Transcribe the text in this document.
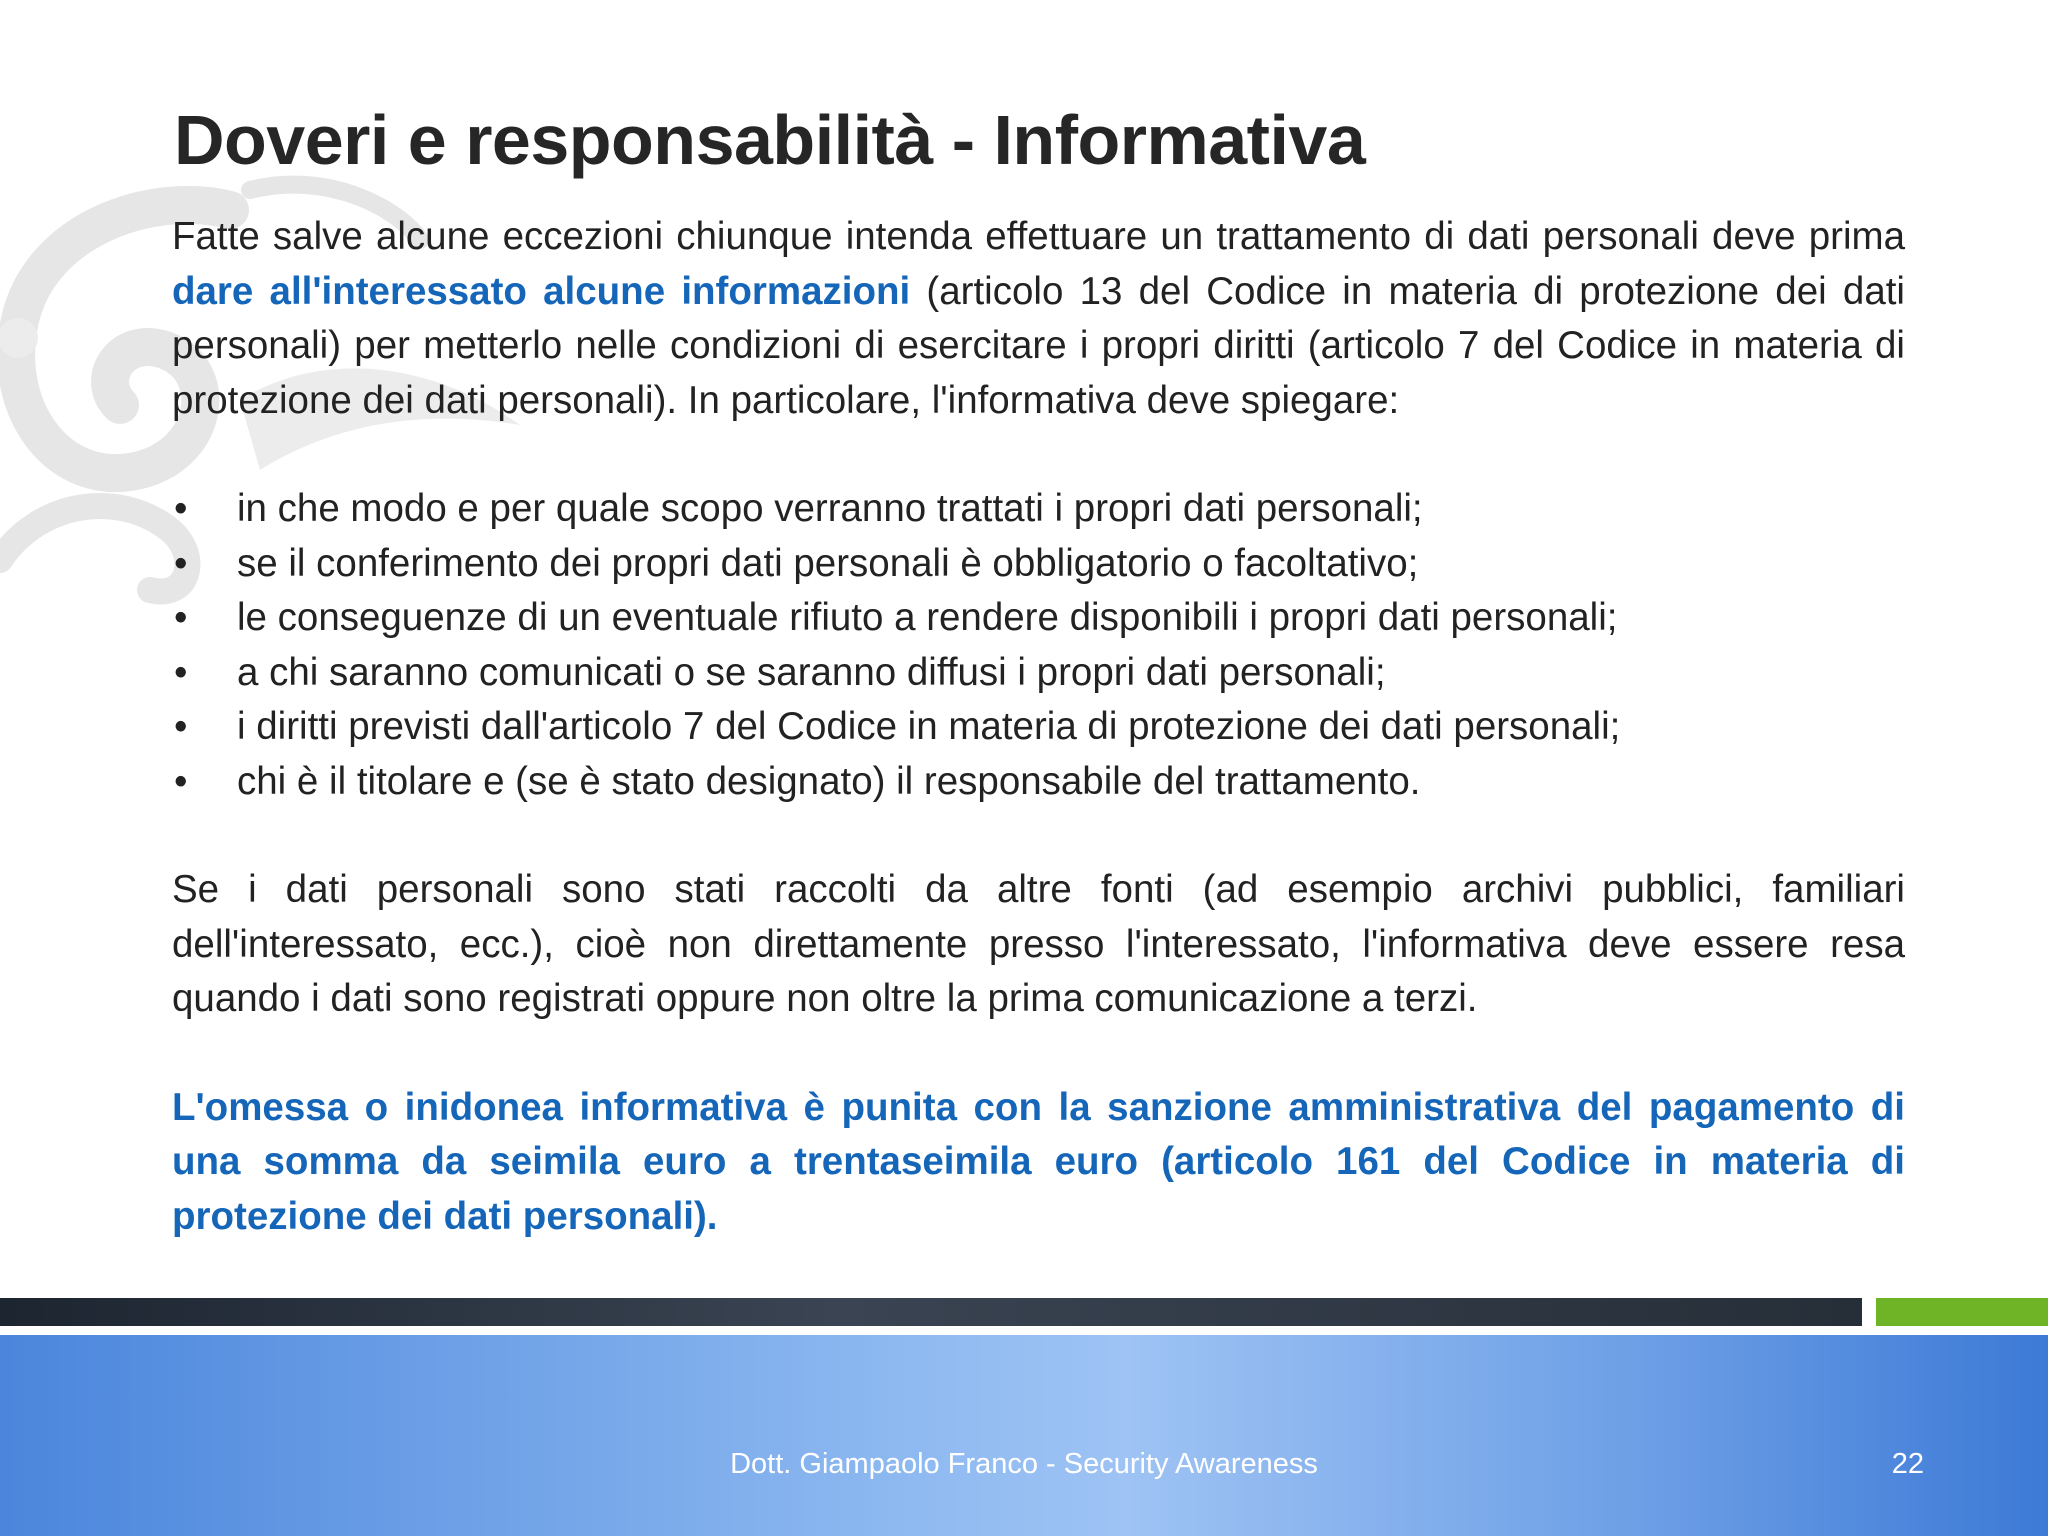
Doveri e responsabilità - Informativa

Fatte salve alcune eccezioni chiunque intenda effettuare un trattamento di dati personali deve prima dare all'interessato alcune informazioni (articolo 13 del Codice in materia di protezione dei dati personali) per metterlo nelle condizioni di esercitare i propri diritti (articolo 7 del Codice in materia di protezione dei dati personali). In particolare, l'informativa deve spiegare:

• in che modo e per quale scopo verranno trattati i propri dati personali;
• se il conferimento dei propri dati personali è obbligatorio o facoltativo;
• le conseguenze di un eventuale rifiuto a rendere disponibili i propri dati personali;
• a chi saranno comunicati o se saranno diffusi i propri dati personali;
• i diritti previsti dall'articolo 7 del Codice in materia di protezione dei dati personali;
• chi è il titolare e (se è stato designato) il responsabile del trattamento.

Se i dati personali sono stati raccolti da altre fonti (ad esempio archivi pubblici, familiari dell'interessato, ecc.), cioè non direttamente presso l'interessato, l'informativa deve essere resa quando i dati sono registrati oppure non oltre la prima comunicazione a terzi.

L'omessa o inidonea informativa è punita con la sanzione amministrativa del pagamento di una somma da seimila euro a trentaseimila euro (articolo 161 del Codice in materia di protezione dei dati personali).

Dott. Giampaolo Franco - Security Awareness	22
